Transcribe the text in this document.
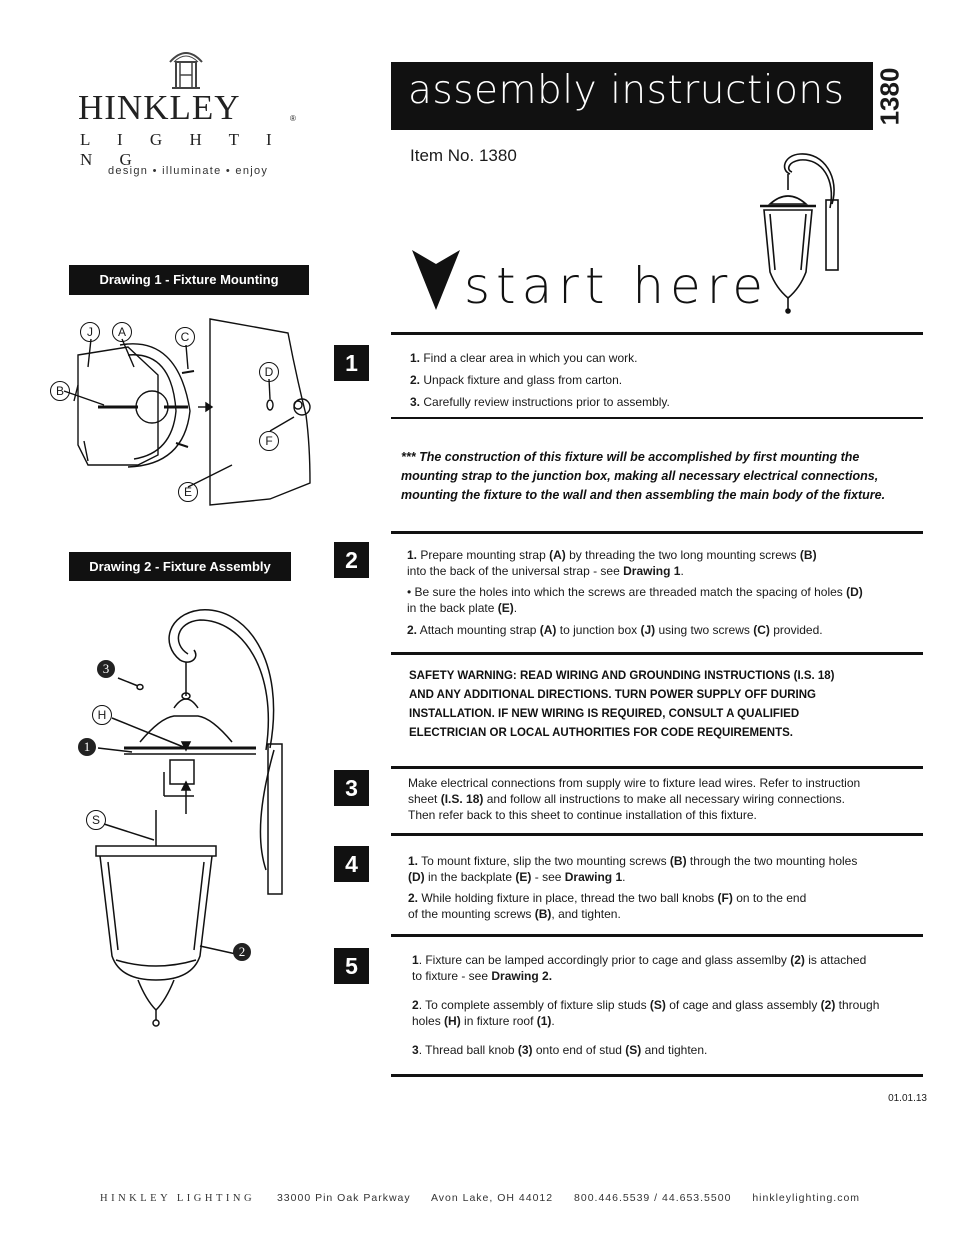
HINKLEY	®
L I G H T I N G
design • illuminate • enjoy
assembly instructions 1380
Item No. 1380
start here
Drawing 1 - Fixture Mounting
J	A	C
B
D
F
E
Drawing 2 - Fixture Assembly
3
H
1
S
2
1	1. Find a clear area in which you can work.

2. Unpack fixture and glass from carton.

3. Carefully review instructions prior to assembly.

*** The construction of this fixture will be accomplished by first mounting the
mounting strap to the junction box, making all necessary electrical connections,
mounting the fixture to the wall and then assembling the main body of the fixture.
2	1. Prepare mounting strap (A) by threading the two long mounting screws (B)

into the back of the universal strap - see Drawing 1.

• Be sure the holes into which the screws are threaded match the spacing of holes (D)

in the back plate (E).

2. Attach mounting strap (A) to junction box (J) using two screws (C) provided.

SAFETY WARNING: READ WIRING AND GROUNDING INSTRUCTIONS (I.S. 18)
AND ANY ADDITIONAL DIRECTIONS. TURN POWER SUPPLY OFF DURING
INSTALLATION. IF NEW WIRING IS REQUIRED, CONSULT A QUALIFIED
ELECTRICIAN OR LOCAL AUTHORITIES FOR CODE REQUIREMENTS.
3	Make electrical connections from supply wire to fixture lead wires. Refer to instruction

sheet (I.S. 18) and follow all instructions to make all necessary wiring connections.

Then refer back to this sheet to continue installation of this fixture.

4	1. To mount fixture, slip the two mounting screws (B) through the two mounting holes

(D) in the backplate (E) - see Drawing 1.

2. While holding fixture in place, thread the two ball knobs (F) on to the end

of the mounting screws (B), and tighten.

5	1. Fixture can be lamped accordingly prior to cage and glass assemlby (2) is attached

to fixture - see Drawing 2.

2. To complete assembly of fixture slip studs (S) of cage and glass assembly (2) through

holes (H) in fixture roof (1).

3. Thread ball knob (3) onto end of stud (S) and tighten.

01.01.13
HINKLEY LIGHTING 33000 Pin Oak Parkway Avon Lake, OH 44012 800.446.5539 / 44.653.5500 hinkleylighting.com
